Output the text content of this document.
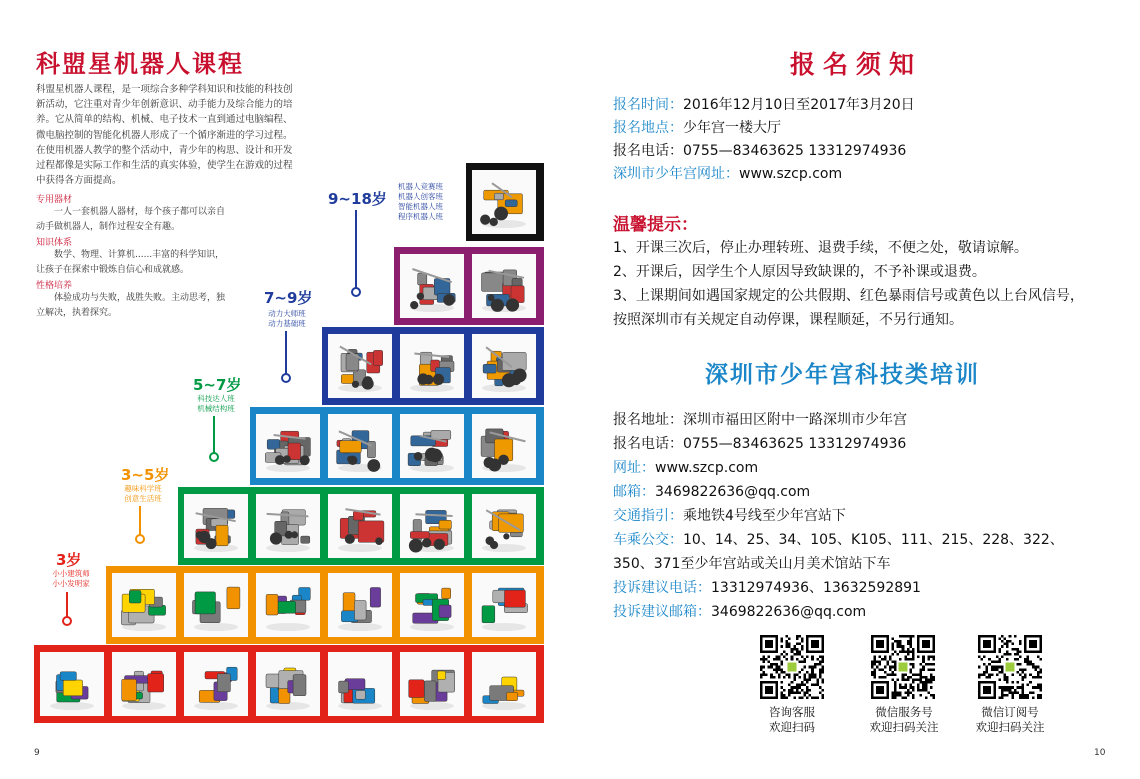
科盟星机器人课程
科盟星机器人课程，是一项综合多种学科知识和技能的科技创新活动，它注重对青少年创新意识、动手能力及综合能力的培养。它从简单的结构、机械、电子技术一直到通过电脑编程、微电脑控制的智能化机器人形成了一个循序渐进的学习过程。在使用机器人教学的整个活动中，青少年的构思、设计和开发过程都像是实际工作和生活的真实体验，使学生在游戏的过程中获得各方面提高。
专用器材
一人一套机器人器材，每个孩子都可以亲自动手做机器人，制作过程安全有趣。
知识体系
数学、物理、计算机......丰富的科学知识，让孩子在探索中锻炼自信心和成就感。
性格培养
体验成功与失败，战胜失败。主动思考，独立解决，执着探究。
3岁
小小建筑师
小小发明家
3~5岁
趣味科学班
创意生活班
5~7岁
科技达人班
机械结构班
7~9岁
动力大师班
动力基础班
9~18岁
机器人竞赛班
机器人创客班
智能机器人班
程序机器人班
9
报名须知
报名时间：2016年12月10日至2017年3月20日
报名地点：少年宫一楼大厅
报名电话：0755—83463625 13312974936
深圳市少年宫网址：www.szcp.com
温馨提示：
1、开课三次后，停止办理转班、退费手续，不便之处，敬请谅解。
2、开课后，因学生个人原因导致缺课的，不予补课或退费。
3、上课期间如遇国家规定的公共假期、红色暴雨信号或黄色以上台风信号，按照深圳市有关规定自动停课，课程顺延，不另行通知。
深圳市少年宫科技类培训
报名地址：深圳市福田区附中一路深圳市少年宫
报名电话：0755—83463625 13312974936
网址：www.szcp.com
邮箱：3469822636@qq.com
交通指引：乘地铁4号线至少年宫站下
车乘公交：10、14、25、34、105、K105、111、215、228、322、350、371至少年宫站或关山月美术馆站下车
投诉建议电话：13312974936、13632592891
投诉建议邮箱：3469822636@qq.com
咨询客服
欢迎扫码
微信服务号
欢迎扫码关注
微信订阅号
欢迎扫码关注
10
